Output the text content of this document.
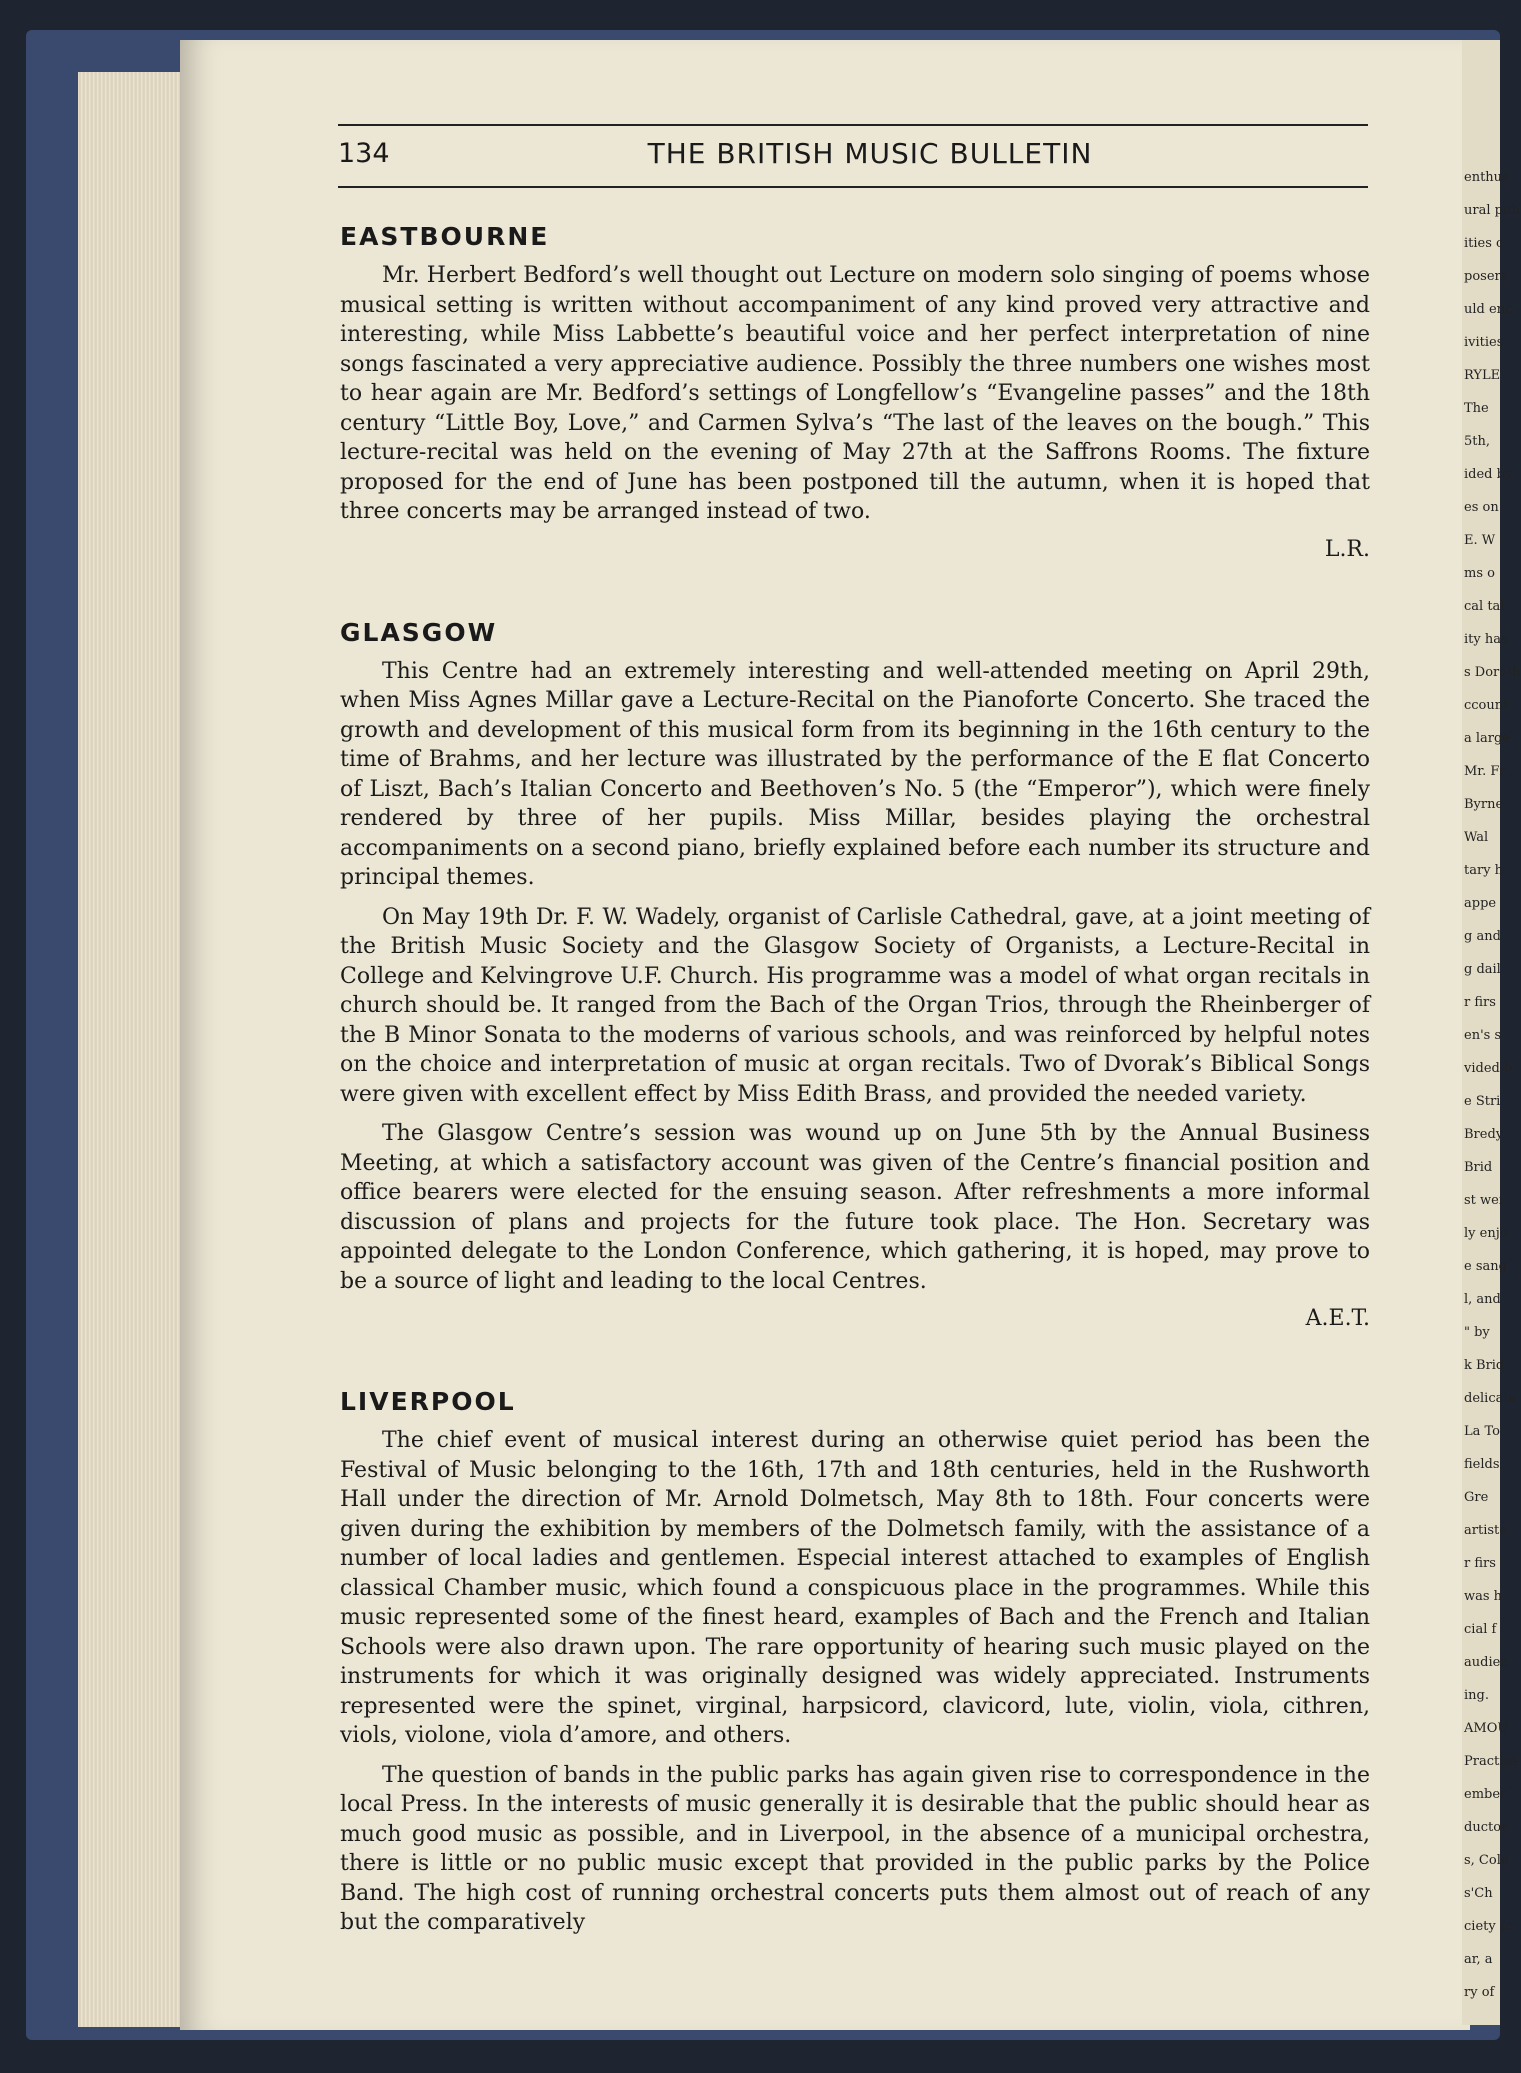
enthus
ural pub
ities c
posers
uld enc
ivities
RYLE
The
5th,
ided by
es on
E. W
ms o
cal tal
ity has
s Doroth
ccount
a large
Mr. Fr
Byrne
Wal
tary h
appe
g and
g dail
r firs
en's s
vided b
e Stri
Bredy
Brid
st wei
ly enjo
e sang
l, and
" by
k Brid
delicate
La To
fields,
Gre
artiste,
r firs
was h
cial f
audien
ing.
AMOU
Practise
ember
ductor
s, Cole
s'Ch
ciety (c
ar, a
ry of
134	THE BRITISH MUSIC BULLETIN
EASTBOURNE

Mr. Herbert Bedford’s well thought out Lecture on modern solo singing of poems whose musical setting is written without accompaniment of any kind proved very attractive and interesting, while Miss Labbette’s beautiful voice and her perfect interpretation of nine songs fascinated a very appreciative audience. Possibly the three numbers one wishes most to hear again are Mr. Bedford’s settings of Longfellow’s “Evangeline passes” and the 18th century “Little Boy, Love,” and Carmen Sylva’s “The last of the leaves on the bough.” This lecture-recital was held on the evening of May 27th at the Saffrons Rooms. The fixture proposed for the end of June has been postponed till the autumn, when it is hoped that three concerts may be arranged instead of two.

L.R.
GLASGOW

This Centre had an extremely interesting and well-attended meeting on April 29th, when Miss Agnes Millar gave a Lecture-Recital on the Pianoforte Concerto. She traced the growth and development of this musical form from its beginning in the 16th century to the time of Brahms, and her lecture was illustrated by the performance of the E flat Concerto of Liszt, Bach’s Italian Concerto and Beethoven’s No. 5 (the “Emperor”), which were finely rendered by three of her pupils. Miss Millar, besides playing the orchestral accompaniments on a second piano, briefly explained before each number its structure and principal themes.

On May 19th Dr. F. W. Wadely, organist of Carlisle Cathedral, gave, at a joint meeting of the British Music Society and the Glasgow Society of Organists, a Lecture-Recital in College and Kelvingrove U.F. Church. His programme was a model of what organ recitals in church should be. It ranged from the Bach of the Organ Trios, through the Rheinberger of the B Minor Sonata to the moderns of various schools, and was reinforced by helpful notes on the choice and interpretation of music at organ recitals. Two of Dvorak’s Biblical Songs were given with excellent effect by Miss Edith Brass, and provided the needed variety.

The Glasgow Centre’s session was wound up on June 5th by the Annual Business Meeting, at which a satisfactory account was given of the Centre’s financial position and office bearers were elected for the ensuing season. After refreshments a more informal discussion of plans and projects for the future took place. The Hon. Secretary was appointed delegate to the London Conference, which gathering, it is hoped, may prove to be a source of light and leading to the local Centres.

A.E.T.
LIVERPOOL

The chief event of musical interest during an otherwise quiet period has been the Festival of Music belonging to the 16th, 17th and 18th centuries, held in the Rushworth Hall under the direction of Mr. Arnold Dolmetsch, May 8th to 18th. Four concerts were given during the exhibition by members of the Dolmetsch family, with the assistance of a number of local ladies and gentlemen. Especial interest attached to examples of English classical Chamber music, which found a conspicuous place in the programmes. While this music represented some of the finest heard, examples of Bach and the French and Italian Schools were also drawn upon. The rare opportunity of hearing such music played on the instruments for which it was originally designed was widely appreciated. Instruments represented were the spinet, virginal, harpsicord, clavicord, lute, violin, viola, cithren, viols, violone, viola d’amore, and others.

The question of bands in the public parks has again given rise to correspondence in the local Press. In the interests of music generally it is desirable that the public should hear as much good music as possible, and in Liverpool, in the absence of a municipal orchestra, there is little or no public music except that provided in the public parks by the Police Band. The high cost of running orchestral concerts puts them almost out of reach of any but the comparatively
